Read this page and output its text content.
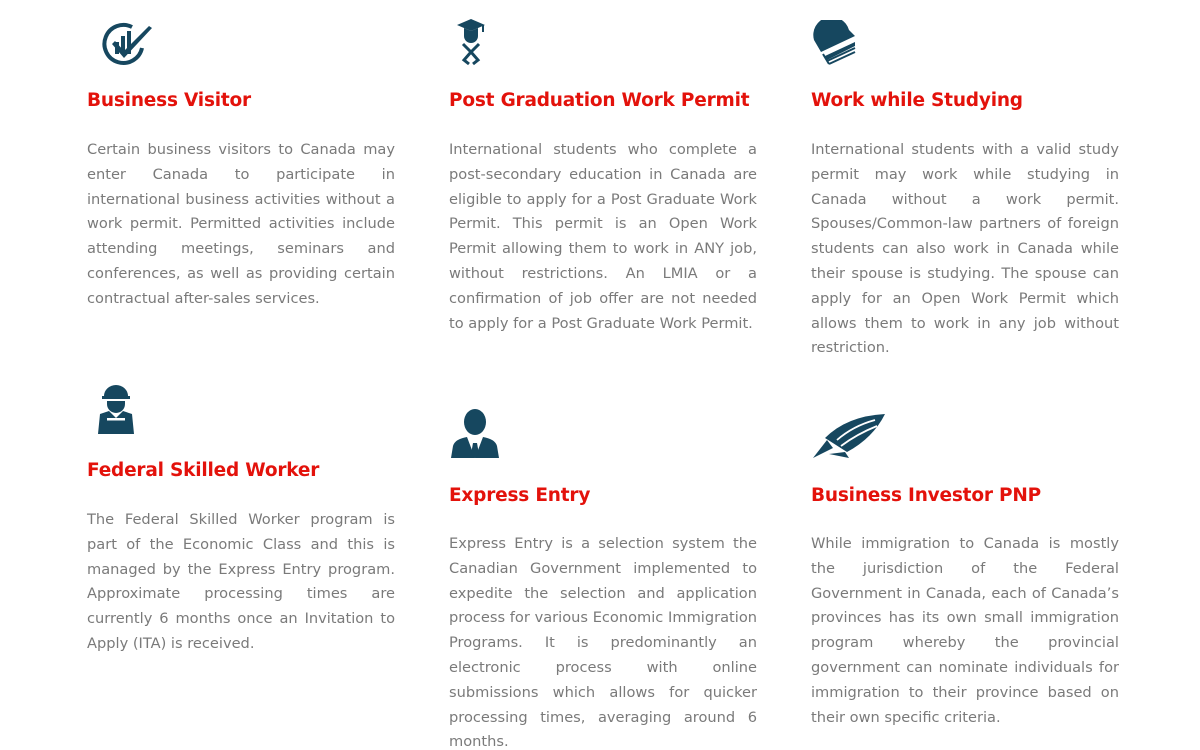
Business Visitor

Certain business visitors to Canada may enter Canada to participate in international business activities without a work permit. Permitted activities include attending meetings, seminars and conferences, as well as providing certain contractual after-sales services.

Post Graduation Work Permit

International students who complete a post-secondary education in Canada are eligible to apply for a Post Graduate Work Permit. This permit is an Open Work Permit allowing them to work in ANY job, without restrictions. An LMIA or a confirmation of job offer are not needed to apply for a Post Graduate Work Permit.

Work while Studying

International students with a valid study permit may work while studying in Canada without a work permit. Spouses/Common-law partners of foreign students can also work in Canada while their spouse is studying. The spouse can apply for an Open Work Permit which allows them to work in any job without restriction.

Federal Skilled Worker

The Federal Skilled Worker program is part of the Economic Class and this is managed by the Express Entry program. Approximate processing times are currently 6 months once an Invitation to Apply (ITA) is received.

Express Entry

Express Entry is a selection system the Canadian Government implemented to expedite the selection and application process for various Economic Immigration Programs. It is predominantly an electronic process with online submissions which allows for quicker processing times, averaging around 6 months.

Business Investor PNP

While immigration to Canada is mostly the jurisdiction of the Federal Government in Canada, each of Canada’s provinces has its own small immigration program whereby the provincial government can nominate individuals for immigration to their province based on their own specific criteria.
